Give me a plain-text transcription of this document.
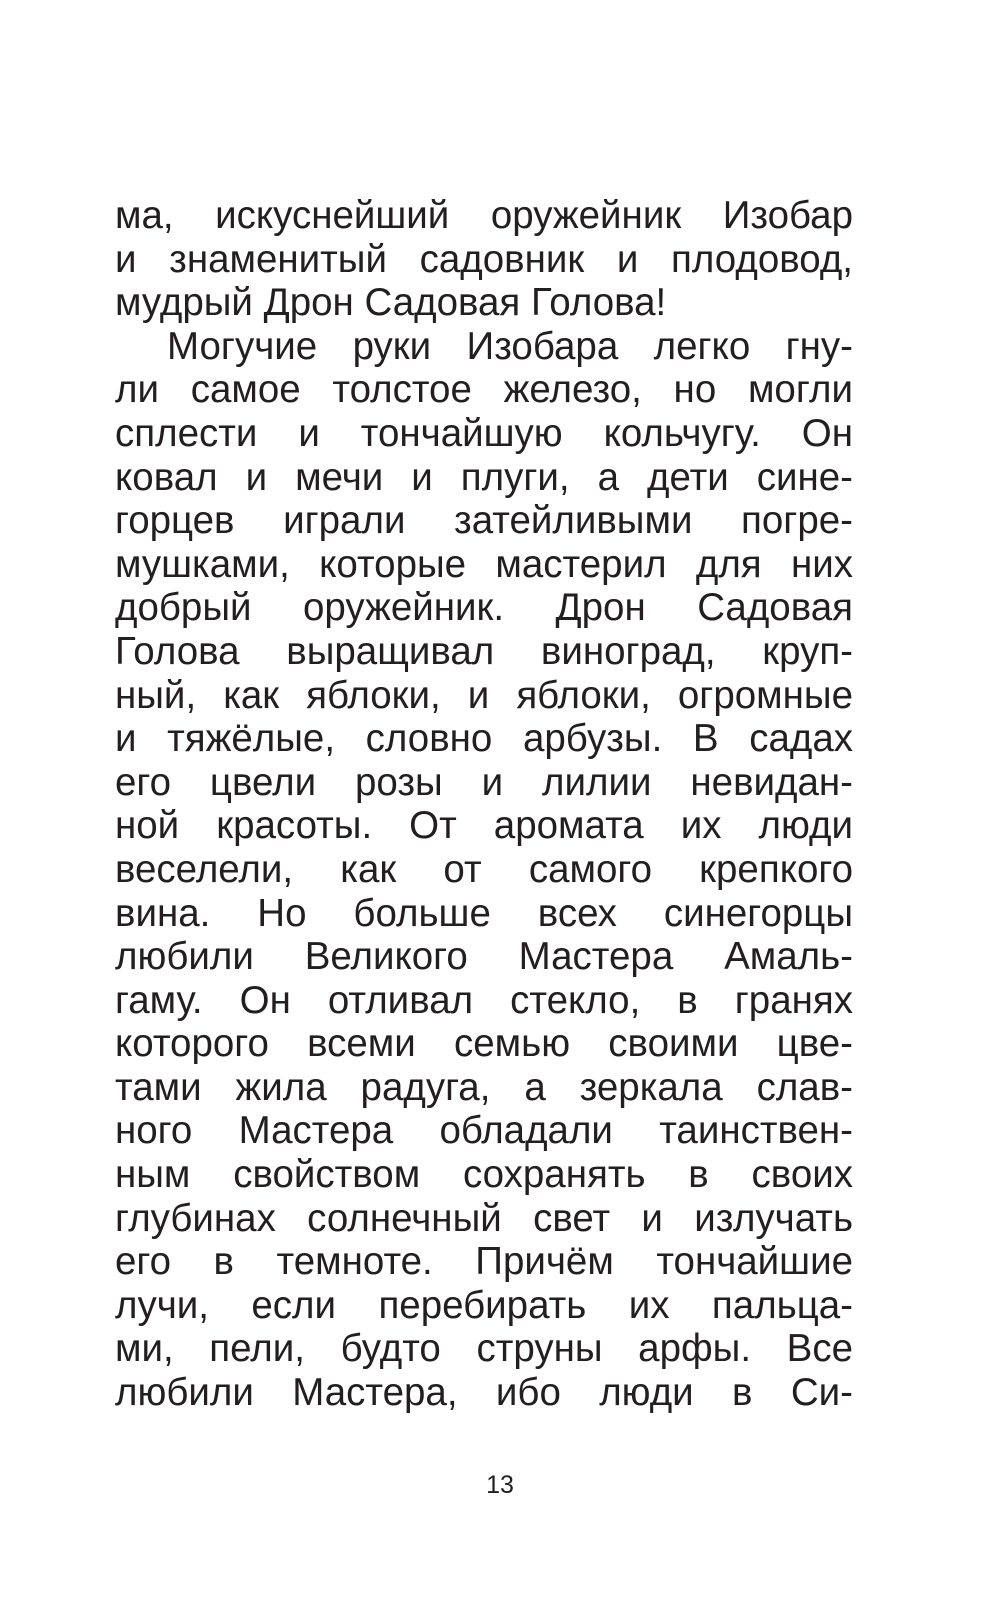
ма, искуснейший оружейник Изобар
и знаменитый садовник и плодовод,
мудрый Дрон Садовая Голова!
Могучие руки Изобара легко гну-
ли самое толстое железо, но могли
сплести и тончайшую кольчугу. Он
ковал и мечи и плуги, а дети сине-
горцев играли затейливыми погре-
мушками, которые мастерил для них
добрый оружейник. Дрон Садовая
Голова выращивал виноград, круп-
ный, как яблоки, и яблоки, огромные
и тяжёлые, словно арбузы. В садах
его цвели розы и лилии невидан-
ной красоты. От аромата их люди
веселели, как от самого крепкого
вина. Но больше всех синегорцы
любили Великого Мастера Амаль-
гаму. Он отливал стекло, в гранях
которого всеми семью своими цве-
тами жила радуга, а зеркала слав-
ного Мастера обладали таинствен-
ным свойством сохранять в своих
глубинах солнечный свет и излучать
его в темноте. Причём тончайшие
лучи, если перебирать их пальца-
ми, пели, будто струны арфы. Все
любили Мастера, ибо люди в Си-
13
